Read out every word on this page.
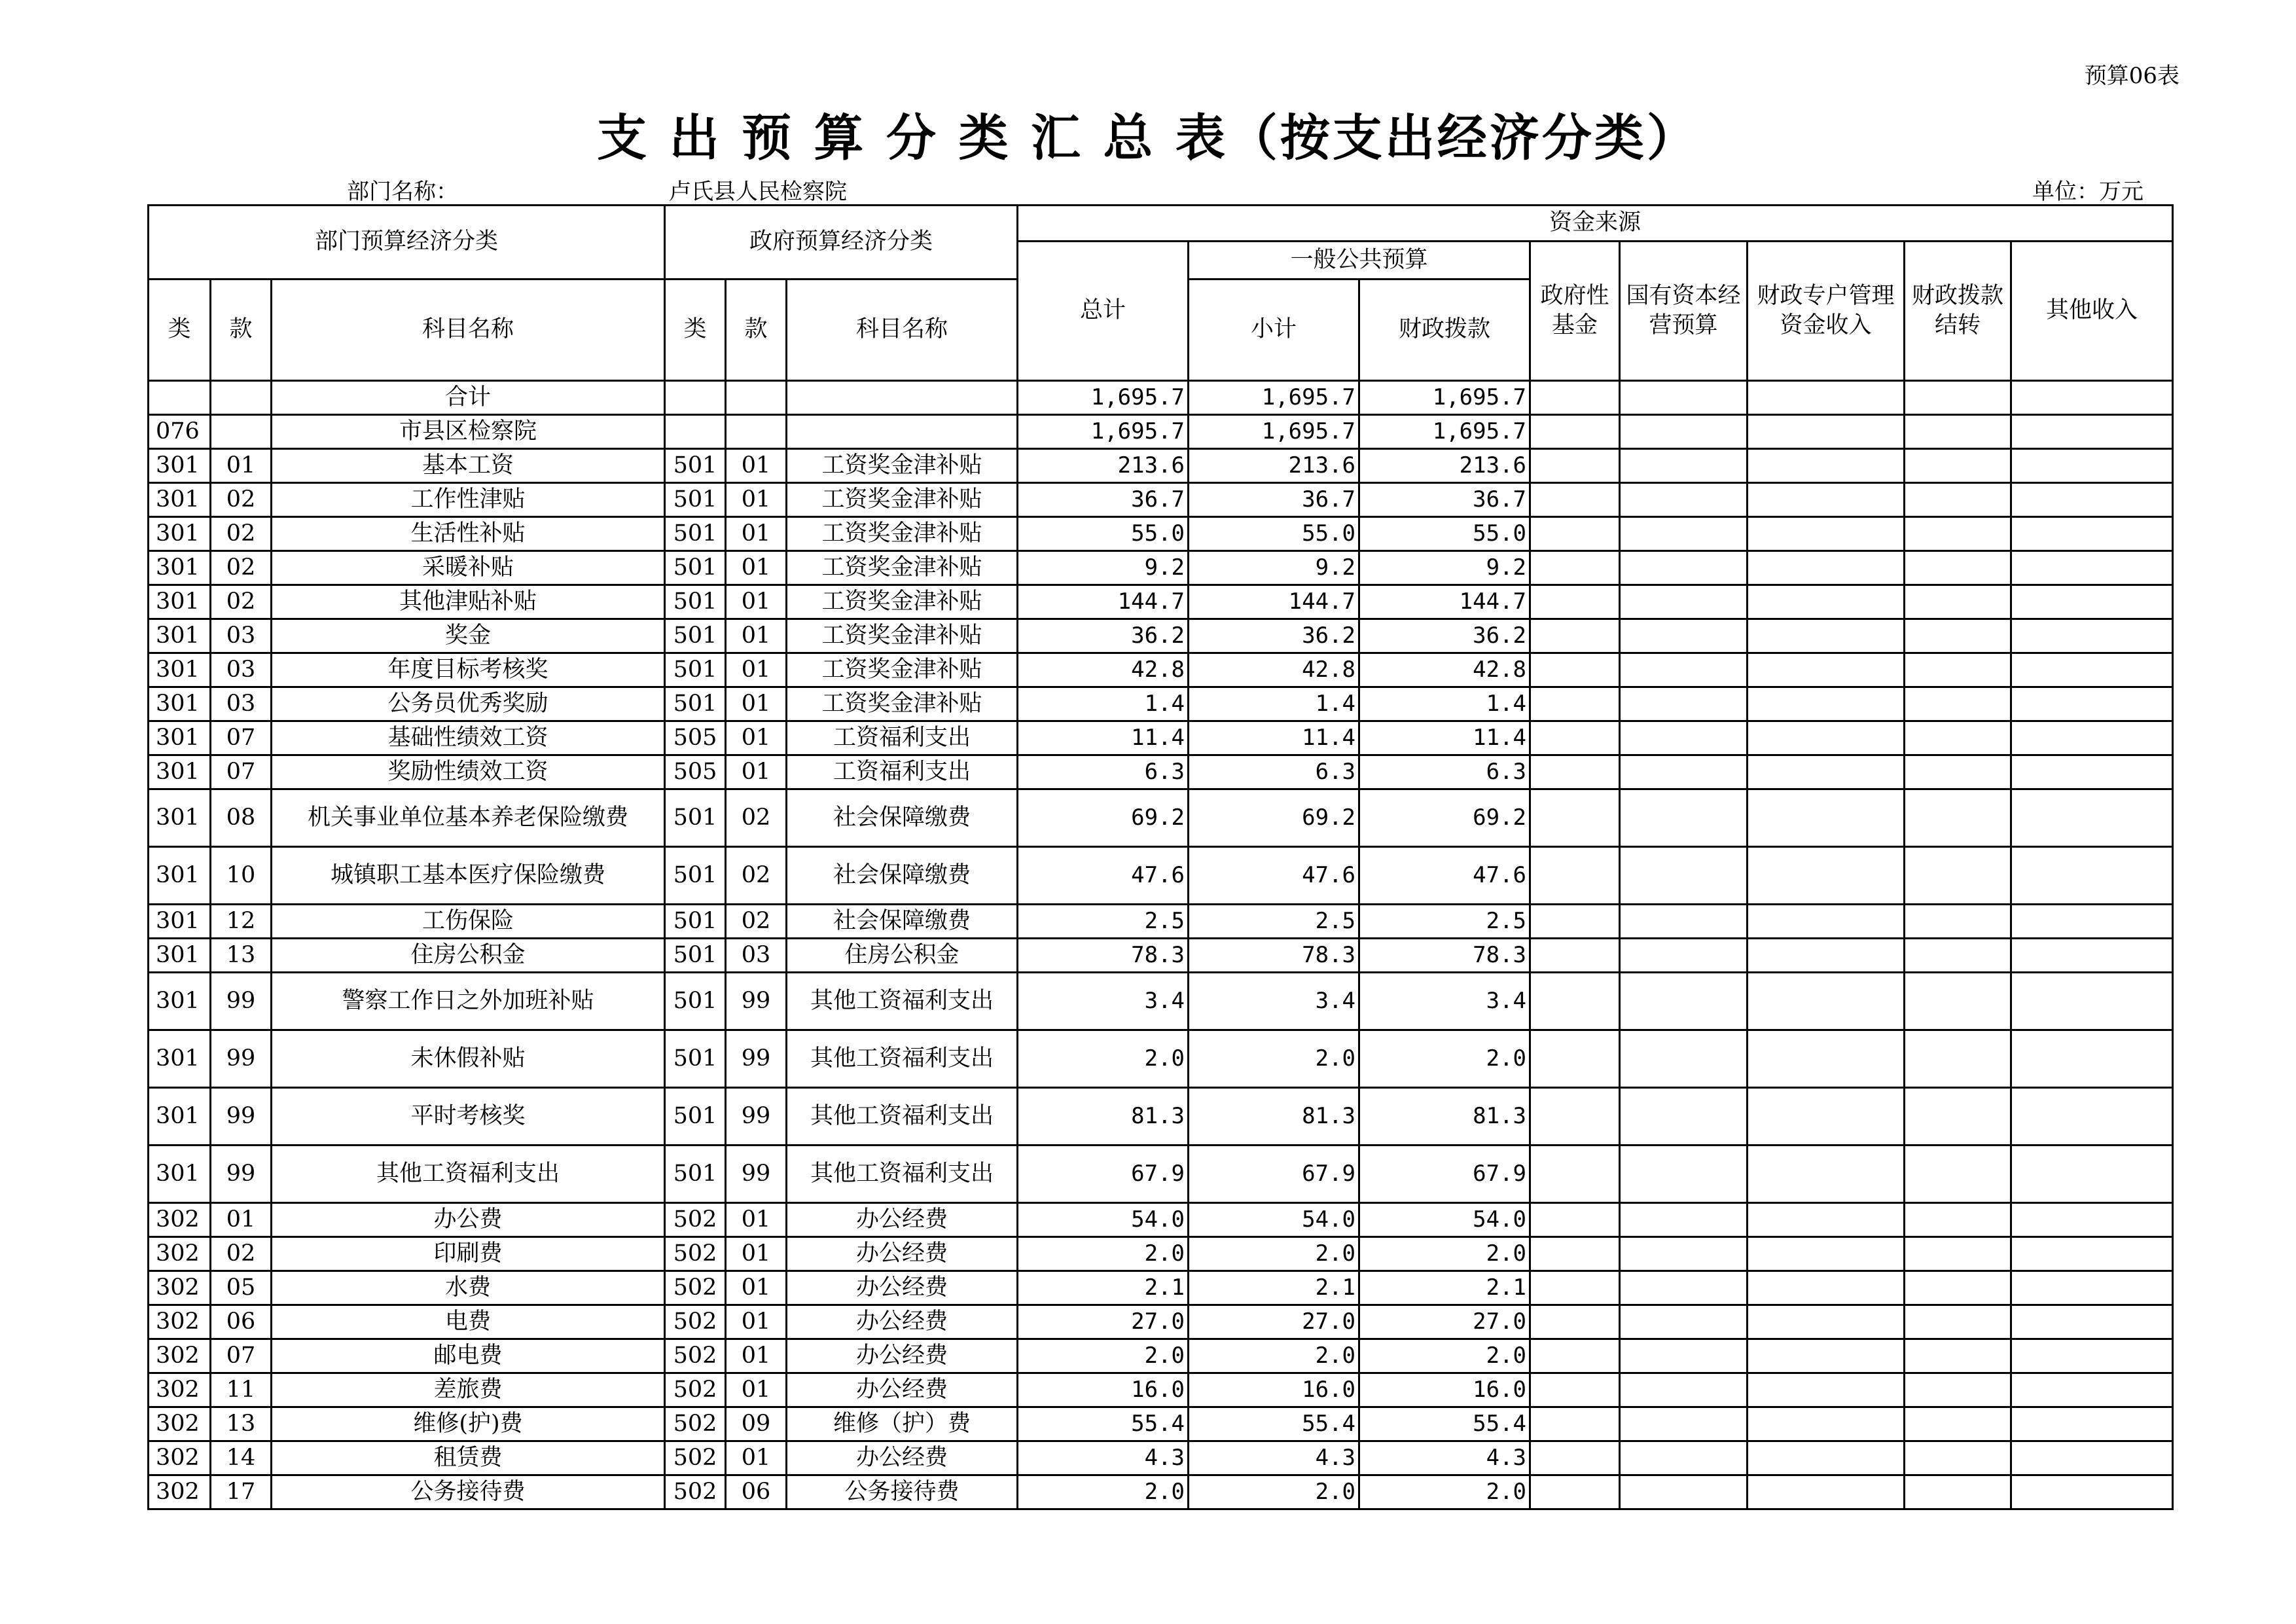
预算06表
支 出 预 算 分 类 汇 总 表（按支出经济分类）
部门名称：	卢氏县人民检察院	单位：万元
部门预算经济分类			政府预算经济分类			资金来源							
						总计	一般公共预算		政府性基金	国有资本经营预算	财政专户管理资金收入	财政拨款结转	其他收入
类	款	科目名称	类	款	科目名称		小计	财政拨款					

		合计				1,695.7	1,695.7	1,695.7					
076		市县区检察院				1,695.7	1,695.7	1,695.7					
301	01	基本工资	501	01	工资奖金津补贴	213.6	213.6	213.6					
301	02	工作性津贴	501	01	工资奖金津补贴	36.7	36.7	36.7					
301	02	生活性补贴	501	01	工资奖金津补贴	55.0	55.0	55.0					
301	02	采暖补贴	501	01	工资奖金津补贴	9.2	9.2	9.2					
301	02	其他津贴补贴	501	01	工资奖金津补贴	144.7	144.7	144.7					
301	03	奖金	501	01	工资奖金津补贴	36.2	36.2	36.2					
301	03	年度目标考核奖	501	01	工资奖金津补贴	42.8	42.8	42.8					
301	03	公务员优秀奖励	501	01	工资奖金津补贴	1.4	1.4	1.4					
301	07	基础性绩效工资	505	01	工资福利支出	11.4	11.4	11.4					
301	07	奖励性绩效工资	505	01	工资福利支出	6.3	6.3	6.3					
301	08	机关事业单位基本养老保险缴费	501	02	社会保障缴费	69.2	69.2	69.2					
301	10	城镇职工基本医疗保险缴费	501	02	社会保障缴费	47.6	47.6	47.6					
301	12	工伤保险	501	02	社会保障缴费	2.5	2.5	2.5					
301	13	住房公积金	501	03	住房公积金	78.3	78.3	78.3					
301	99	警察工作日之外加班补贴	501	99	其他工资福利支出	3.4	3.4	3.4					
301	99	未休假补贴	501	99	其他工资福利支出	2.0	2.0	2.0					
301	99	平时考核奖	501	99	其他工资福利支出	81.3	81.3	81.3					
301	99	其他工资福利支出	501	99	其他工资福利支出	67.9	67.9	67.9					
302	01	办公费	502	01	办公经费	54.0	54.0	54.0					
302	02	印刷费	502	01	办公经费	2.0	2.0	2.0					
302	05	水费	502	01	办公经费	2.1	2.1	2.1					
302	06	电费	502	01	办公经费	27.0	27.0	27.0					
302	07	邮电费	502	01	办公经费	2.0	2.0	2.0					
302	11	差旅费	502	01	办公经费	16.0	16.0	16.0					
302	13	维修(护)费	502	09	维修（护）费	55.4	55.4	55.4					
302	14	租赁费	502	01	办公经费	4.3	4.3	4.3					
302	17	公务接待费	502	06	公务接待费	2.0	2.0	2.0					
